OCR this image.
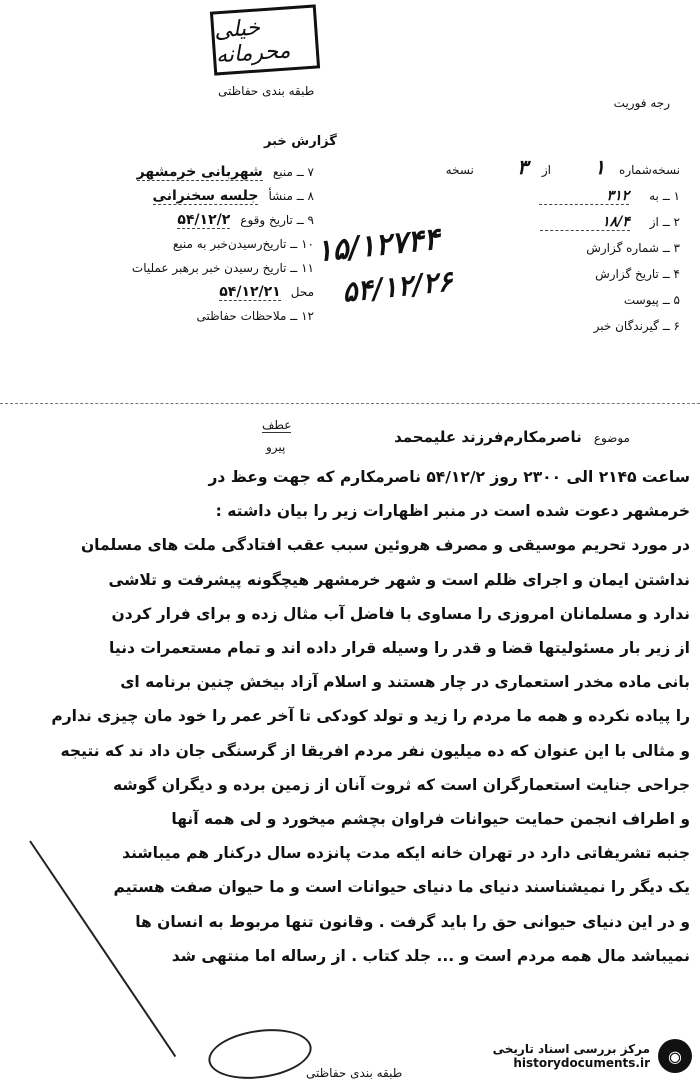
خیلی محرمانه
رجه فوریت
طبقه بندی حفاظتی
گزارش خبر
نسخه‌شماره
۱
از
۳
نسخه
۱ ــ به
۳۱۲
۲ ــ از
۱۸/۴
۳ ــ شماره گزارش
۴ ــ تاریخ گزارش
۵ ــ پیوست
۶ ــ گیرندگان خبر
۱۵/۱۲۷۴۴
۵۴/۱۲/۲۶
۷ ــ منبع
شهربانی خرمشهر
۸ ــ منشأ
جلسه سخنرانی
۹ ــ تاریخ وقوع
۵۴/۱۲/۲
۱۰ ــ تاریخ‌رسیدن‌خبر به منبع
۱۱ ــ تاریخ رسیدن خبر برهبر عملیات
محل
۵۴/۱۲/۲۱
۱۲ ــ ملاحظات حفاظتی
موضوع
ناصرمکارم‌فرزند علیمحمد
عطف
پیرو

ساعت ۲۱۴۵ الی ۲۳۰۰ روز ۵۴/۱۲/۲ ناصرمکارم که جهت وعظ در

خرمشهر دعوت شده است در منبر اظهارات زیر را بیان داشته :

در مورد تحریم موسیقی و مصرف هروئین سبب عقب افتادگی ملت های مسلمان

نداشتن ایمان و اجرای ظلم است و شهر خرمشهر هیچگونه پیشرفت و تلاشی

ندارد و مسلمانان امروزی را مساوی با فاضل آب مثال زده و برای فرار کردن

از زیر بار مسئولیتها قضا و قدر را وسیله قرار داده اند و تمام مستعمرات دنیا

بانی ماده مخدر استعماری در چار هستند و اسلام آزاد بیخش چنین برنامه ای

را پیاده نکرده و همه ما مردم را زید و تولد کودکی تا آخر عمر را خود مان چیزی ندارم

و مثالی با این عنوان که ده میلیون نفر مردم افریقا از گرسنگی جان داد ند که نتیجه

جراحی جنایت استعمارگران است که ثروت آنان از زمین برده و دیگران گوشه

و اطراف انجمن حمایت حیوانات فراوان بچشم میخورد و لی همه آنها

جنبه تشریفاتی دارد در تهران خانه ایکه مدت پانزده سال درکنار هم میباشند

یک دیگر را نمیشناسند دنیای ما دنیای حیوانات است و ما حیوان صفت هستیم

و در این دنیای حیوانی حق را باید گرفت . وقانون تنها مربوط به انسان ها

نمیباشد مال همه مردم است و ... جلد کتاب . از رساله اما منتهی شد

طبقه بندی حفاظتی
مرکز بررسی اسناد تاریخی
historydocuments.ir	◉
